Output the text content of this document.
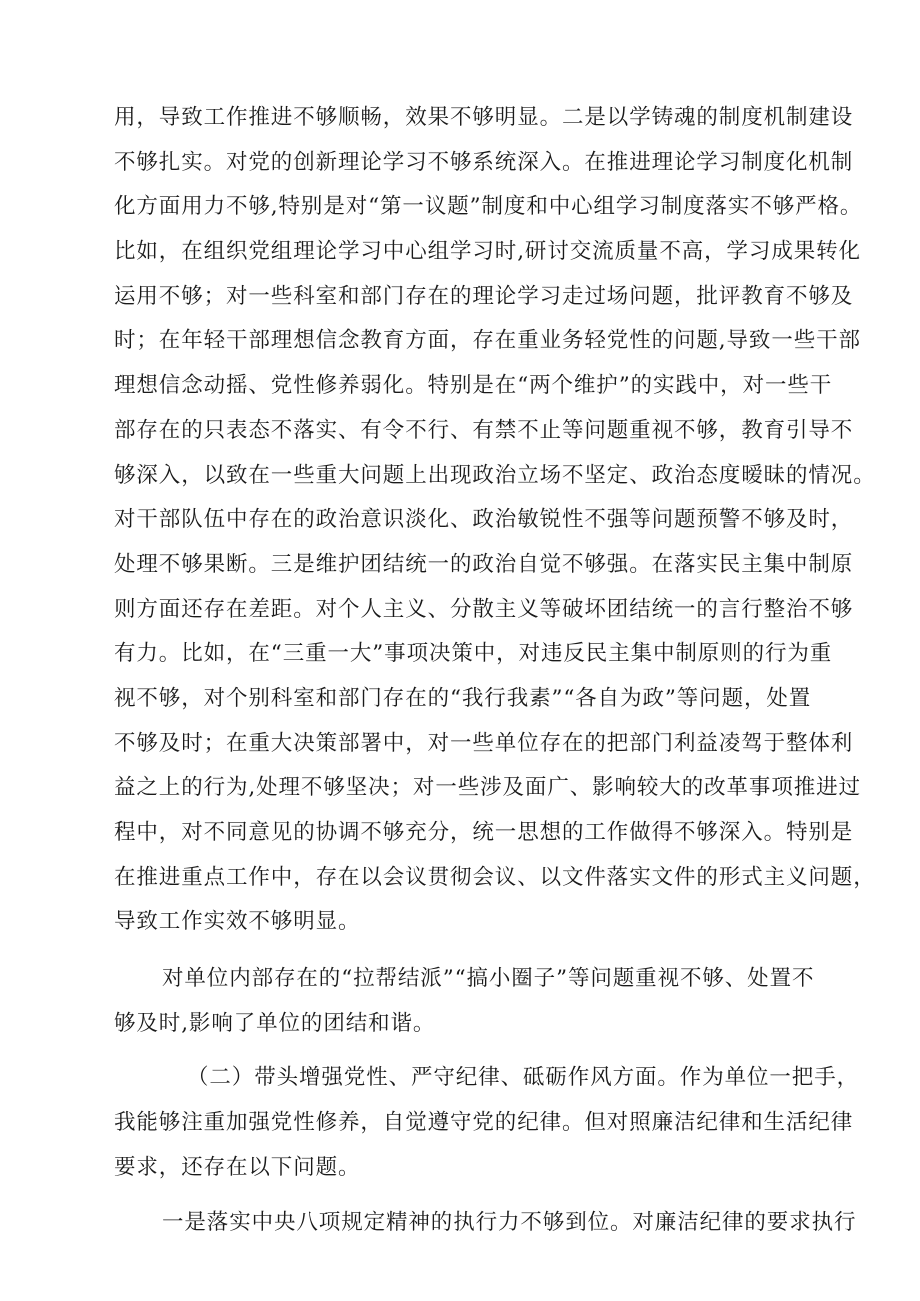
用，导致工作推进不够顺畅，效果不够明显。二是以学铸魂的制度机制建设
不够扎实。对党的创新理论学习不够系统深入。在推进理论学习制度化机制
化方面用力不够,特别是对“第一议题”制度和中心组学习制度落实不够严格。
比如，在组织党组理论学习中心组学习时,研讨交流质量不高，学习成果转化
运用不够；对一些科室和部门存在的理论学习走过场问题，批评教育不够及
时；在年轻干部理想信念教育方面，存在重业务轻党性的问题,导致一些干部
理想信念动摇、党性修养弱化。特别是在“两个维护”的实践中，对一些干
部存在的只表态不落实、有令不行、有禁不止等问题重视不够，教育引导不
够深入，以致在一些重大问题上出现政治立场不坚定、政治态度暧昧的情况。
对干部队伍中存在的政治意识淡化、政治敏锐性不强等问题预警不够及时，
处理不够果断。三是维护团结统一的政治自觉不够强。在落实民主集中制原
则方面还存在差距。对个人主义、分散主义等破坏团结统一的言行整治不够
有力。比如，在“三重一大”事项决策中，对违反民主集中制原则的行为重
视不够，对个别科室和部门存在的“我行我素”“各自为政”等问题，处置
不够及时；在重大决策部署中，对一些单位存在的把部门利益凌驾于整体利
益之上的行为,处理不够坚决；对一些涉及面广、影响较大的改革事项推进过
程中，对不同意见的协调不够充分，统一思想的工作做得不够深入。特别是
在推进重点工作中，存在以会议贯彻会议、以文件落实文件的形式主义问题，
导致工作实效不够明显。
对单位内部存在的“拉帮结派”“搞小圈子”等问题重视不够、处置不
够及时,影响了单位的团结和谐。
（二）带头增强党性、严守纪律、砥砺作风方面。作为单位一把手，
我能够注重加强党性修养，自觉遵守党的纪律。但对照廉洁纪律和生活纪律
要求，还存在以下问题。
一是落实中央八项规定精神的执行力不够到位。对廉洁纪律的要求执行
